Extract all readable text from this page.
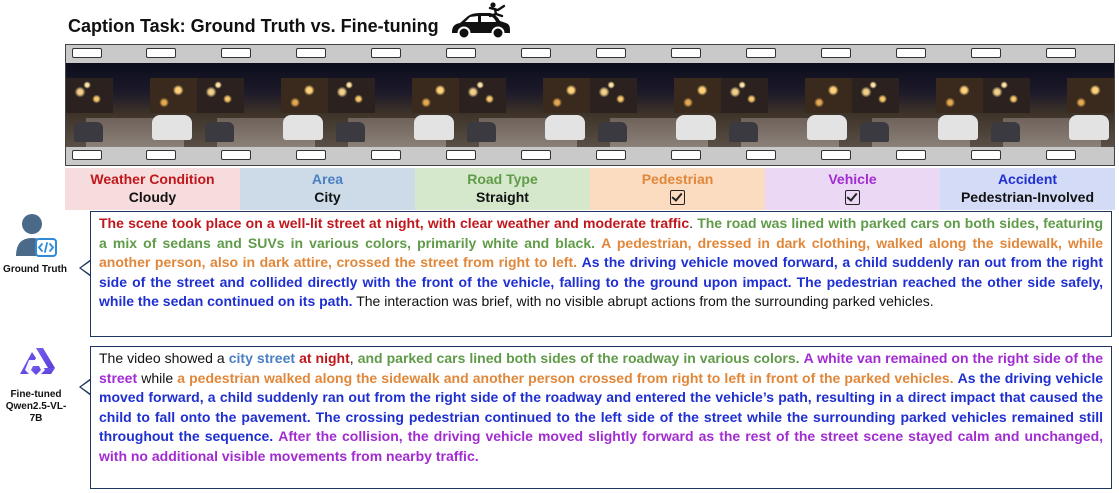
Caption Task: Ground Truth vs. Fine-tuning
Weather Condition
Cloudy
Area
City
Road Type
Straight
Pedestrian	Vehicle	Accident
Pedestrian-Involved
Ground Truth
The scene took place on a well-lit street at night, with clear weather and moderate traffic. The road was lined with parked cars on both sides, featuring a mix of sedans and SUVs in various colors, primarily white and black. A pedestrian, dressed in dark clothing, walked along the sidewalk, while another person, also in dark attire, crossed the street from right to left. As the driving vehicle moved forward, a child suddenly ran out from the right side of the street and collided directly with the front of the vehicle, falling to the ground upon impact. The pedestrian reached the other side safely, while the sedan continued on its path. The interaction was brief, with no visible abrupt actions from the surrounding parked vehicles.
Fine-tuned
Qwen2.5-VL-7B
The video showed a city street at night, and parked cars lined both sides of the roadway in various colors. A white van remained on the right side of the street while a pedestrian walked along the sidewalk and another person crossed from right to left in front of the parked vehicles. As the driving vehicle moved forward, a child suddenly ran out from the right side of the roadway and entered the vehicle’s path, resulting in a direct impact that caused the child to fall onto the pavement. The crossing pedestrian continued to the left side of the street while the surrounding parked vehicles remained still throughout the sequence. After the collision, the driving vehicle moved slightly forward as the rest of the street scene stayed calm and unchanged, with no additional visible movements from nearby traffic.
